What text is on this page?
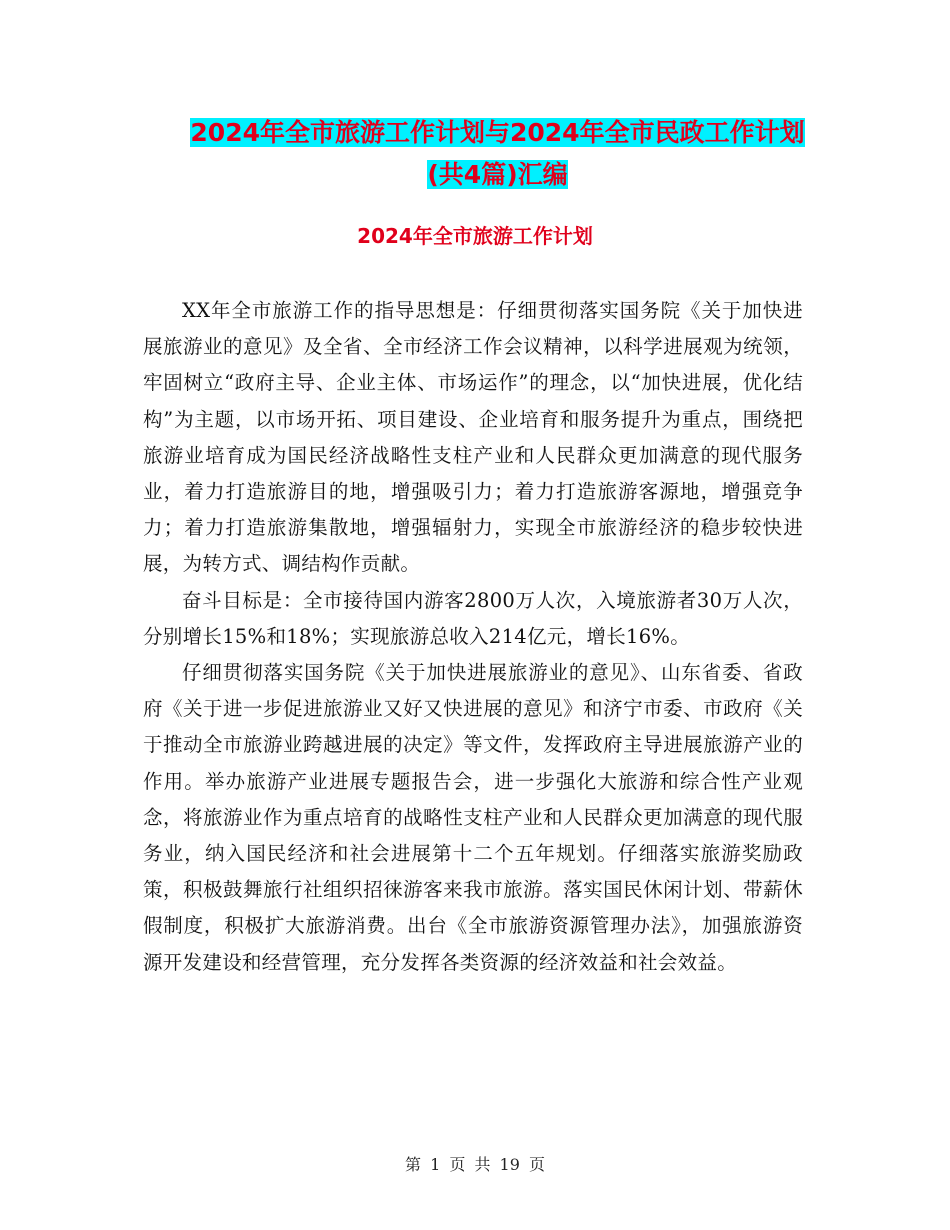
2024年全市旅游工作计划与2024年全市民政工作计划
(共4篇)汇编
2024年全市旅游工作计划

XX年全市旅游工作的指导思想是：仔细贯彻落实国务院《关于加快进展旅游业的意见》及全省、全市经济工作会议精神，以科学进展观为统领，牢固树立“政府主导、企业主体、市场运作”的理念，以“加快进展，优化结构”为主题，以市场开拓、项目建设、企业培育和服务提升为重点，围绕把旅游业培育成为国民经济战略性支柱产业和人民群众更加满意的现代服务业，着力打造旅游目的地，增强吸引力；着力打造旅游客源地，增强竞争力；着力打造旅游集散地，增强辐射力，实现全市旅游经济的稳步较快进展，为转方式、调结构作贡献。

奋斗目标是：全市接待国内游客2800万人次，入境旅游者30万人次，分别增长15%和18%；实现旅游总收入214亿元，增长16%。

仔细贯彻落实国务院《关于加快进展旅游业的意见》、山东省委、省政府《关于进一步促进旅游业又好又快进展的意见》和济宁市委、市政府《关于推动全市旅游业跨越进展的决定》等文件，发挥政府主导进展旅游产业的作用。举办旅游产业进展专题报告会，进一步强化大旅游和综合性产业观念，将旅游业作为重点培育的战略性支柱产业和人民群众更加满意的现代服务业，纳入国民经济和社会进展第十二个五年规划。仔细落实旅游奖励政策，积极鼓舞旅行社组织招徕游客来我市旅游。落实国民休闲计划、带薪休假制度，积极扩大旅游消费。出台《全市旅游资源管理办法》，加强旅游资源开发建设和经营管理，充分发挥各类资源的经济效益和社会效益。

第 1 页 共 19 页
